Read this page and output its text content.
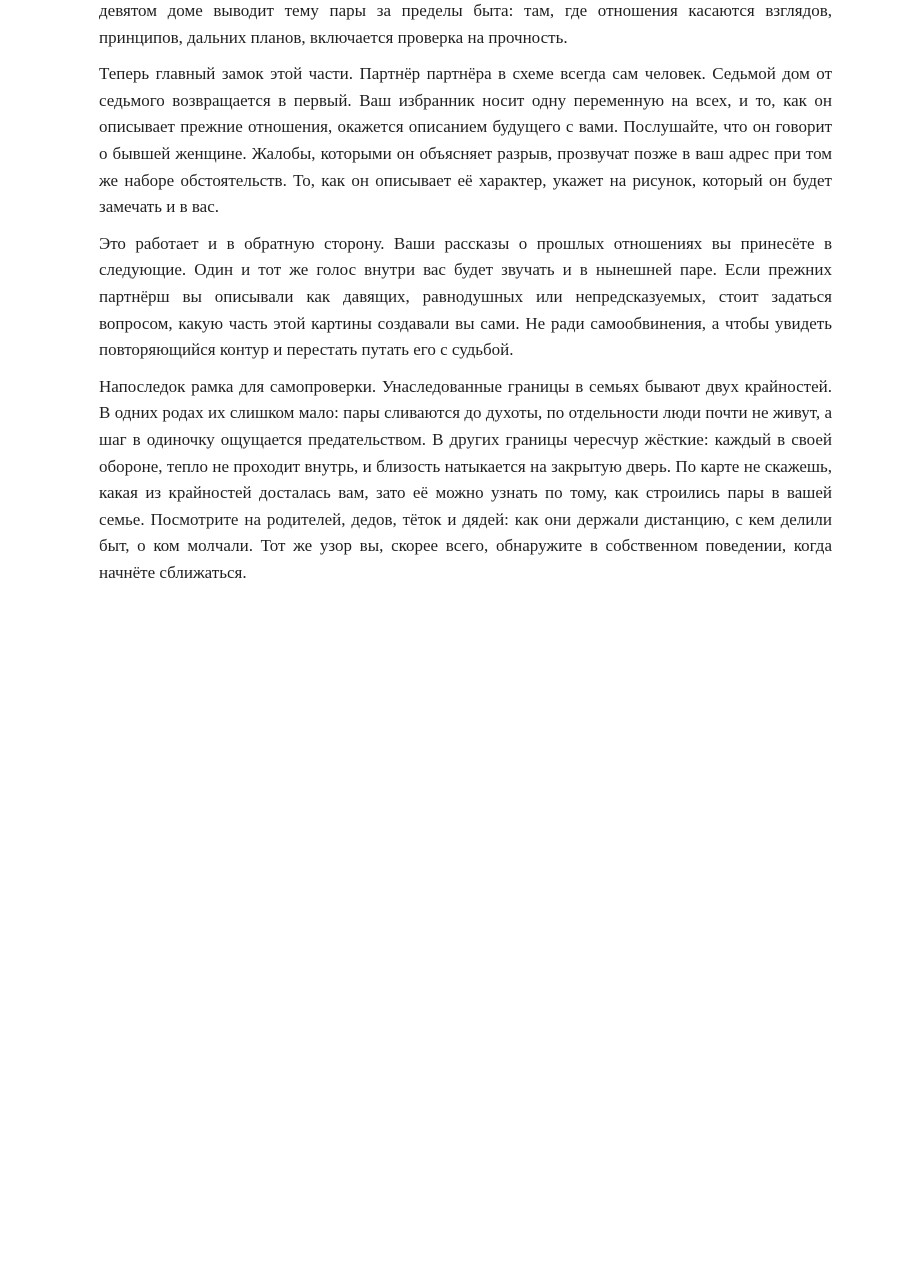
девятом доме выводит тему пары за пределы быта: там, где отношения касаются взглядов, принципов, дальних планов, включается проверка на прочность.

Теперь главный замок этой части. Партнёр партнёра в схеме всегда сам человек. Седьмой дом от седьмого возвращается в первый. Ваш избранник носит одну переменную на всех, и то, как он описывает прежние отношения, окажется описанием будущего с вами. Послушайте, что он говорит о бывшей женщине. Жалобы, которыми он объясняет разрыв, прозвучат позже в ваш адрес при том же наборе обстоятельств. То, как он описывает её характер, укажет на рисунок, который он будет замечать и в вас.

Это работает и в обратную сторону. Ваши рассказы о прошлых отношениях вы принесёте в следующие. Один и тот же голос внутри вас будет звучать и в нынешней паре. Если прежних партнёрш вы описывали как давящих, равнодушных или непредсказуемых, стоит задаться вопросом, какую часть этой картины создавали вы сами. Не ради самообвинения, а чтобы увидеть повторяющийся контур и перестать путать его с судьбой.

Напоследок рамка для самопроверки. Унаследованные границы в семьях бывают двух крайностей. В одних родах их слишком мало: пары сливаются до духоты, по отдельности люди почти не живут, а шаг в одиночку ощущается предательством. В других границы чересчур жёсткие: каждый в своей обороне, тепло не проходит внутрь, и близость натыкается на закрытую дверь. По карте не скажешь, какая из крайностей досталась вам, зато её можно узнать по тому, как строились пары в вашей семье. Посмотрите на родителей, дедов, тёток и дядей: как они держали дистанцию, с кем делили быт, о ком молчали. Тот же узор вы, скорее всего, обнаружите в собственном поведении, когда начнёте сближаться.
